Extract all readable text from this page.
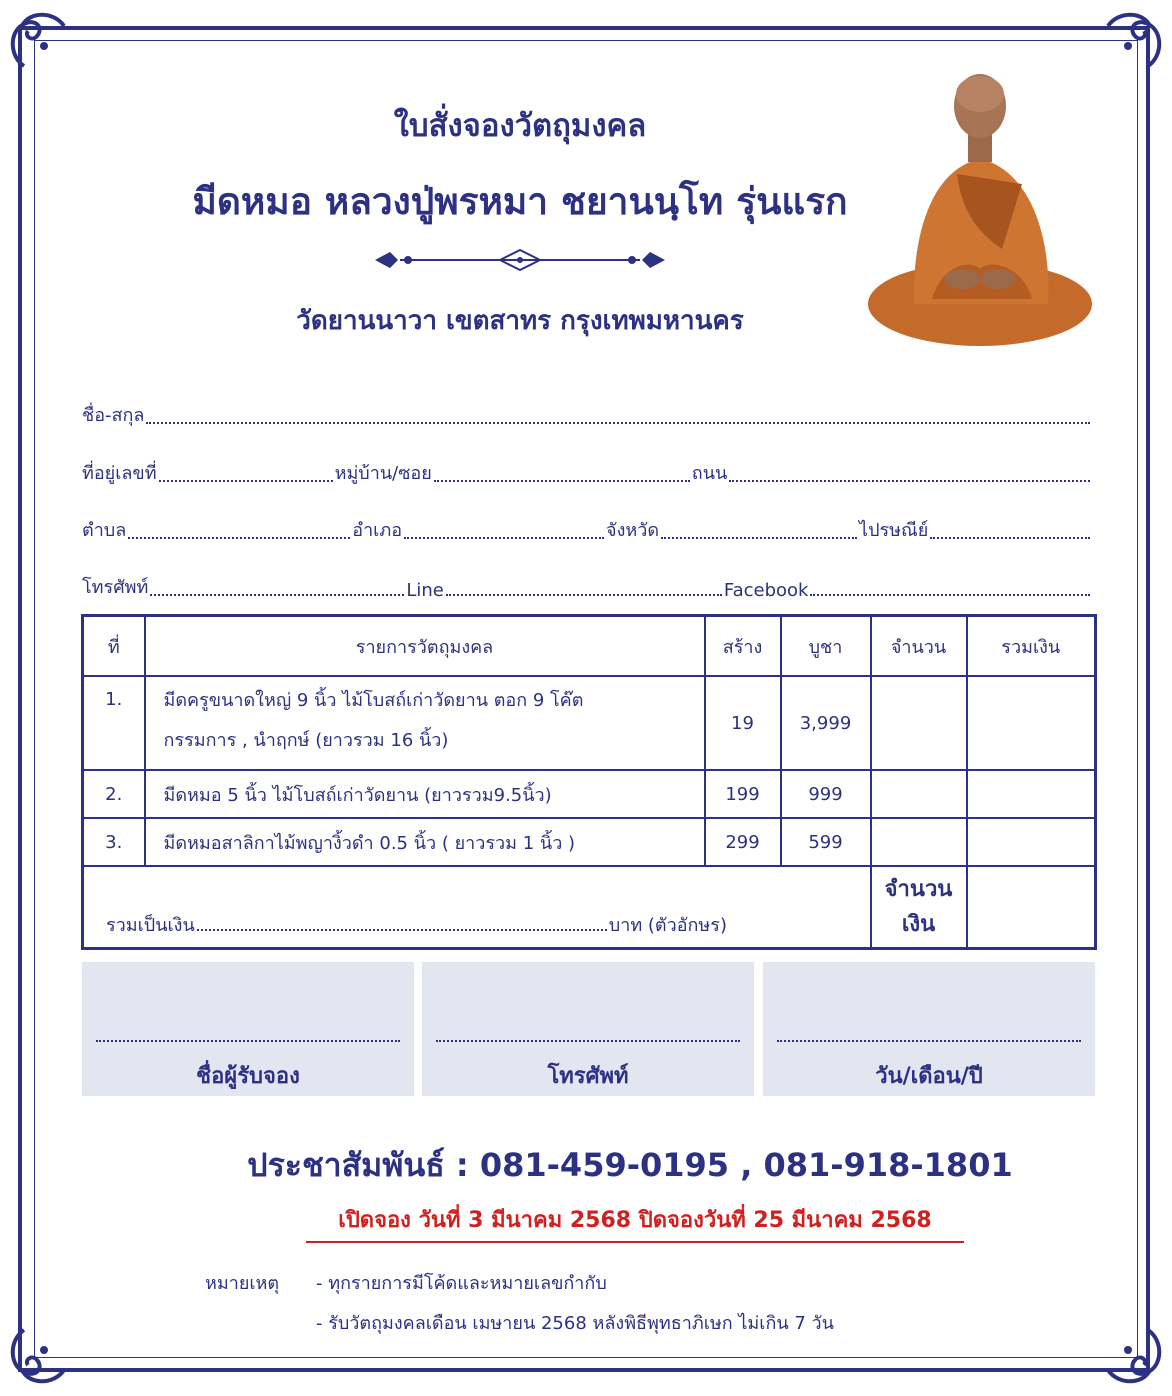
ใบสั่งจองวัตถุมงคล
มีดหมอ หลวงปู่พรหมา ชยานนฺโท รุ่นแรก
วัดยานนาวา เขตสาทร กรุงเทพมหานคร
ชื่อ-สกุล
ที่อยู่เลขที่	หมู่บ้าน/ซอย	ถนน
ตำบล	อำเภอ	จังหวัด	ไปรษณีย์
โทรศัพท์	Line	Facebook
ที่	รายการวัตถุมงคล	สร้าง	บูชา	จำนวน	รวมเงิน
1.	มีดครูขนาดใหญ่ 9 นิ้ว ไม้โบสถ์เก่าวัดยาน ตอก 9 โค๊ต
กรรมการ , นำฤกษ์ (ยาวรวม 16 นิ้ว)	19	3,999		
2.	มีดหมอ 5 นิ้ว ไม้โบสถ์เก่าวัดยาน (ยาวรวม9.5นิ้ว)	199	999		
3.	มีดหมอสาลิกาไม้พญางิ้วดำ 0.5 นิ้ว ( ยาวรวม 1 นิ้ว )	299	599		
รวมเป็นเงิน บาท (ตัวอักษร)				จำนวนเงิน	
ชื่อผู้รับจอง	โทรศัพท์	วัน/เดือน/ปี
ประชาสัมพันธ์ : 081-459-0195 , 081-918-1801
เปิดจอง วันที่ 3 มีนาคม 2568 ปิดจองวันที่ 25 มีนาคม 2568
หมายเหตุ - ทุกรายการมีโค้ดและหมายเลขกำกับ
- รับวัตถุมงคลเดือน เมษายน 2568 หลังพิธีพุทธาภิเษก ไม่เกิน 7 วัน
